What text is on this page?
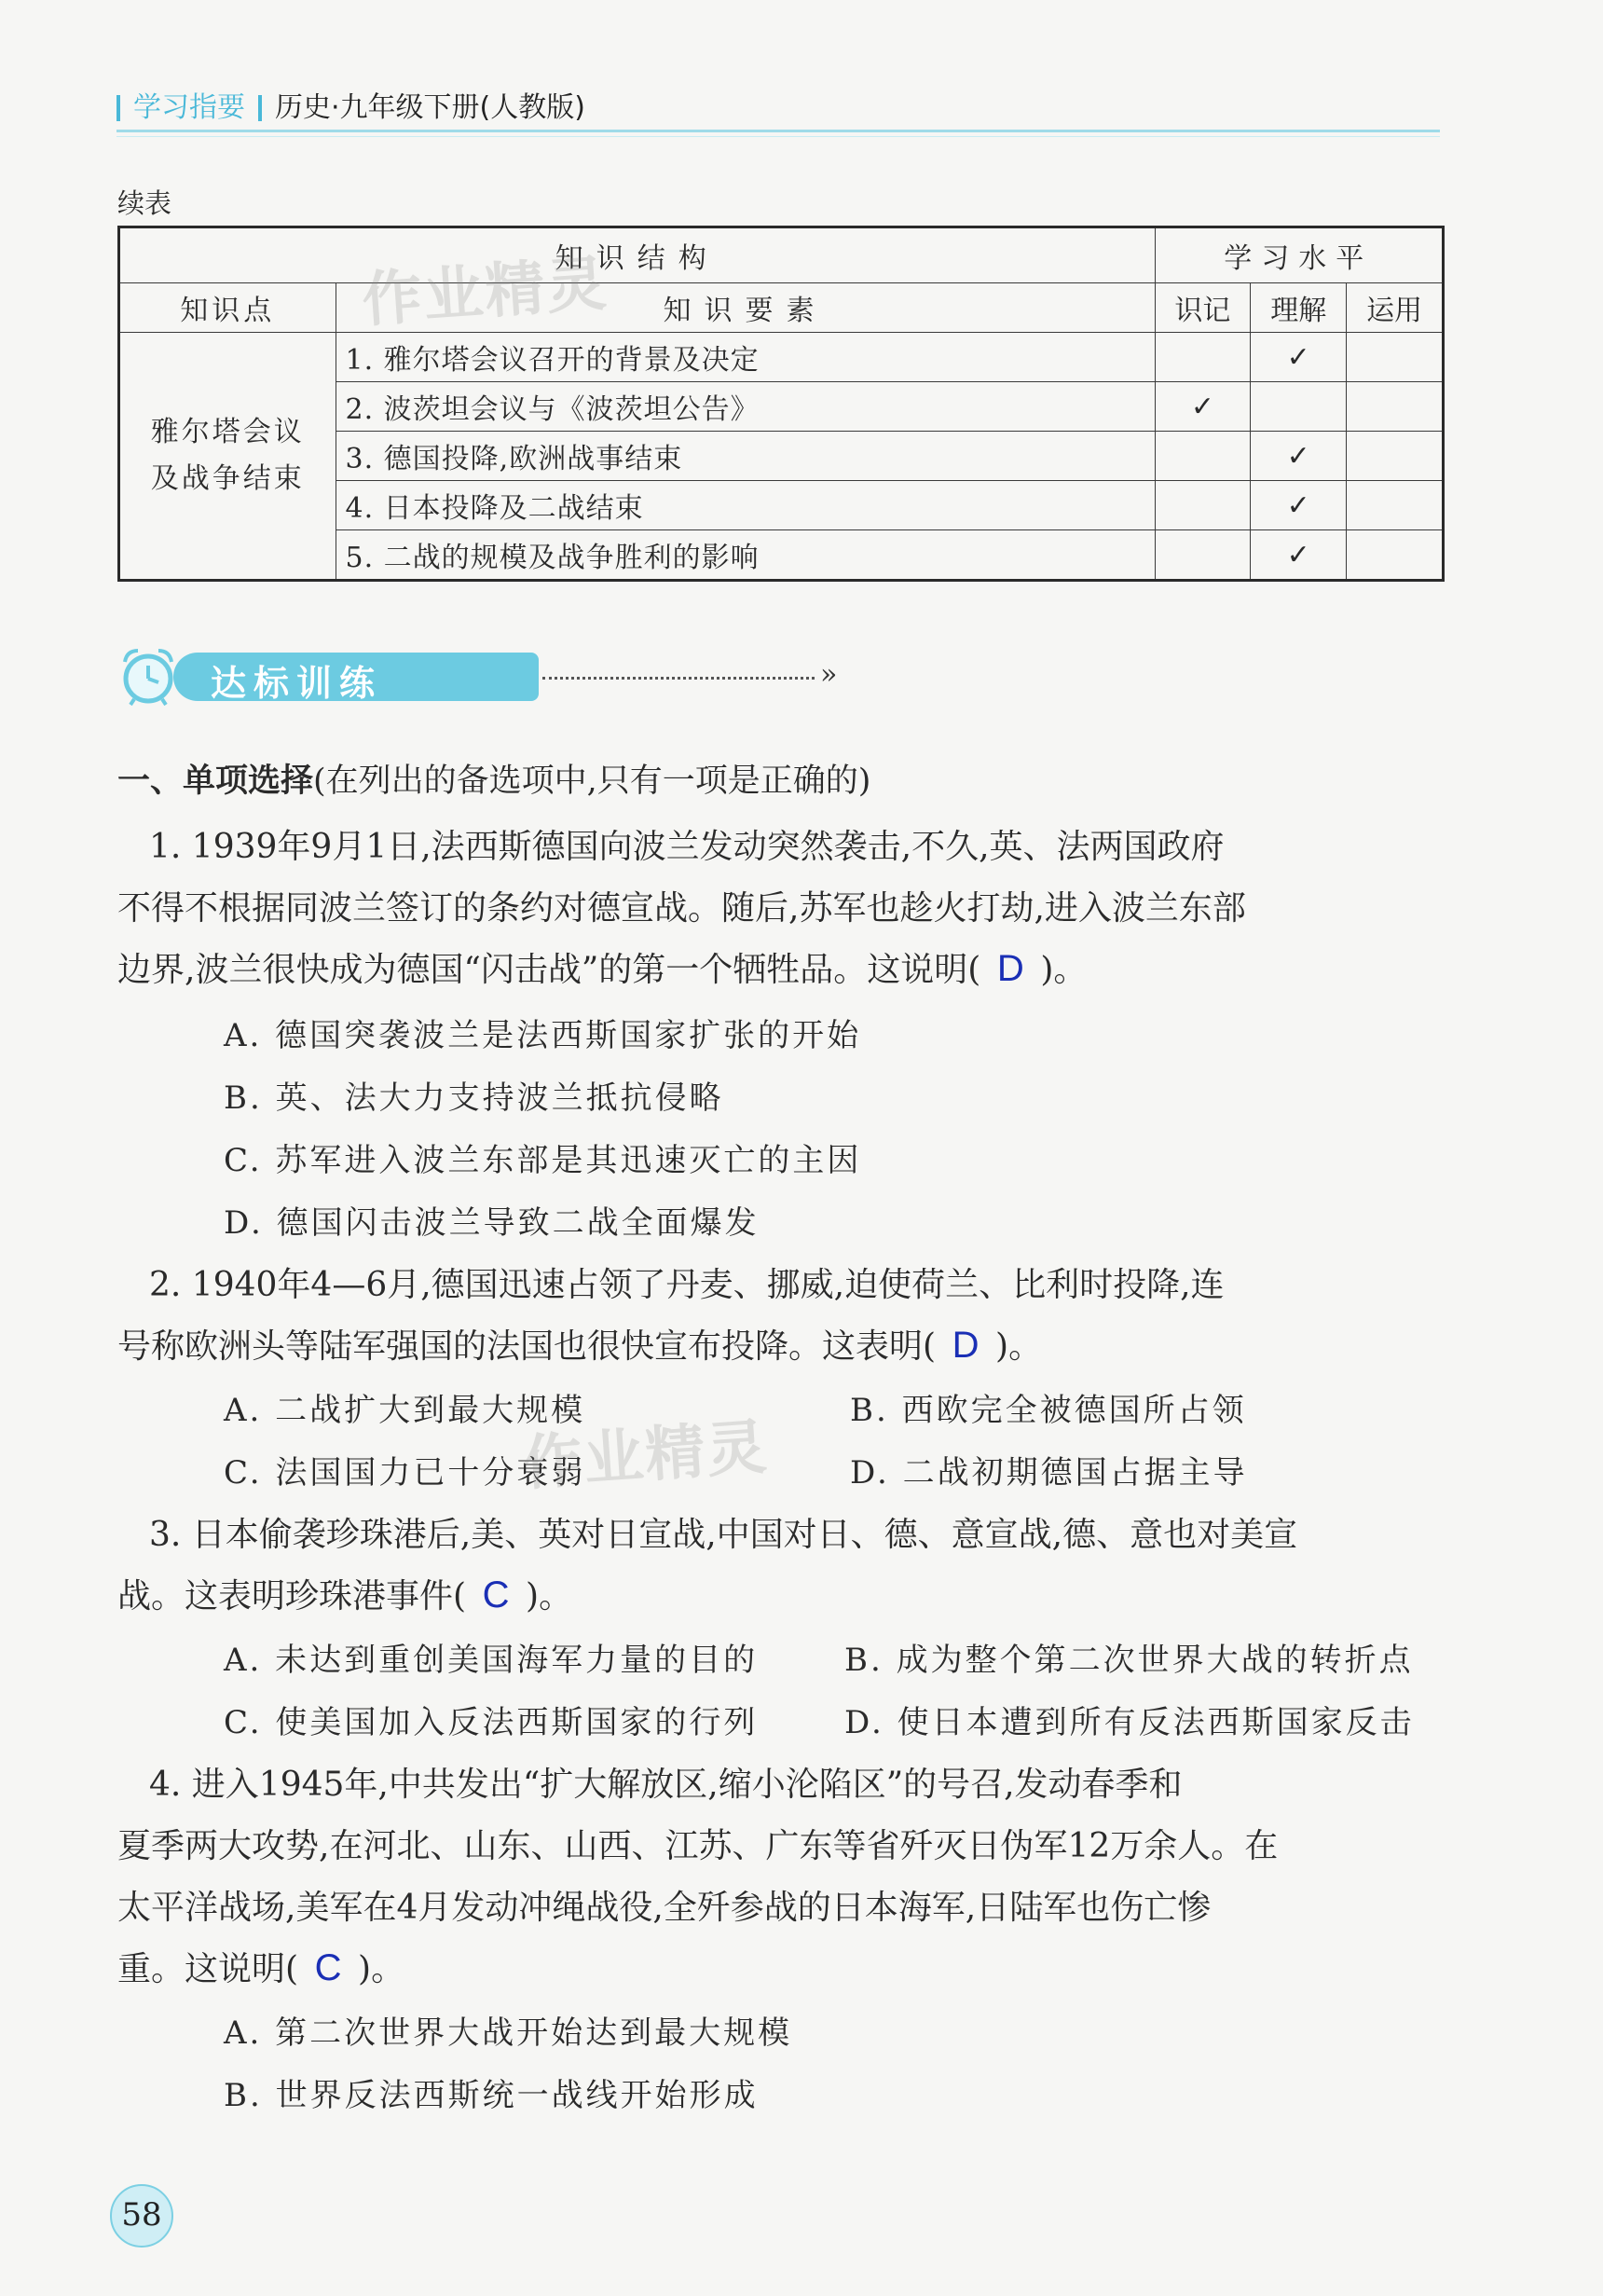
学习指要 历史·九年级下册(人教版)
续表
知识结构		学习水平		
知识点	知识要素	识记	理解	运用
雅尔塔会议
及战争结束	1. 雅尔塔会议召开的背景及决定		✓	
	2. 波茨坦会议与《波茨坦公告》	✓		
	3. 德国投降,欧洲战事结束		✓	
	4. 日本投降及二战结束		✓	
	5. 二战的规模及战争胜利的影响		✓	
作业精灵
达标训练	»
一、单项选择(在列出的备选项中,只有一项是正确的)
1. 1939年9月1日,法西斯德国向波兰发动突然袭击,不久,英、法两国政府
不得不根据同波兰签订的条约对德宣战。随后,苏军也趁火打劫,进入波兰东部
边界,波兰很快成为德国“闪击战”的第一个牺牲品。这说明( D )。
A. 德国突袭波兰是法西斯国家扩张的开始
B. 英、法大力支持波兰抵抗侵略
C. 苏军进入波兰东部是其迅速灭亡的主因
D. 德国闪击波兰导致二战全面爆发
2. 1940年4—6月,德国迅速占领了丹麦、挪威,迫使荷兰、比利时投降,连
号称欧洲头等陆军强国的法国也很快宣布投降。这表明( D )。
A. 二战扩大到最大规模	B. 西欧完全被德国所占领
C. 法国国力已十分衰弱	D. 二战初期德国占据主导
作业精灵
3. 日本偷袭珍珠港后,美、英对日宣战,中国对日、德、意宣战,德、意也对美宣
战。这表明珍珠港事件( C )。
A. 未达到重创美国海军力量的目的	B. 成为整个第二次世界大战的转折点
C. 使美国加入反法西斯国家的行列	D. 使日本遭到所有反法西斯国家反击
4. 进入1945年,中共发出“扩大解放区,缩小沦陷区”的号召,发动春季和
夏季两大攻势,在河北、山东、山西、江苏、广东等省歼灭日伪军12万余人。在
太平洋战场,美军在4月发动冲绳战役,全歼参战的日本海军,日陆军也伤亡惨
重。这说明( C )。
A. 第二次世界大战开始达到最大规模
B. 世界反法西斯统一战线开始形成
58
